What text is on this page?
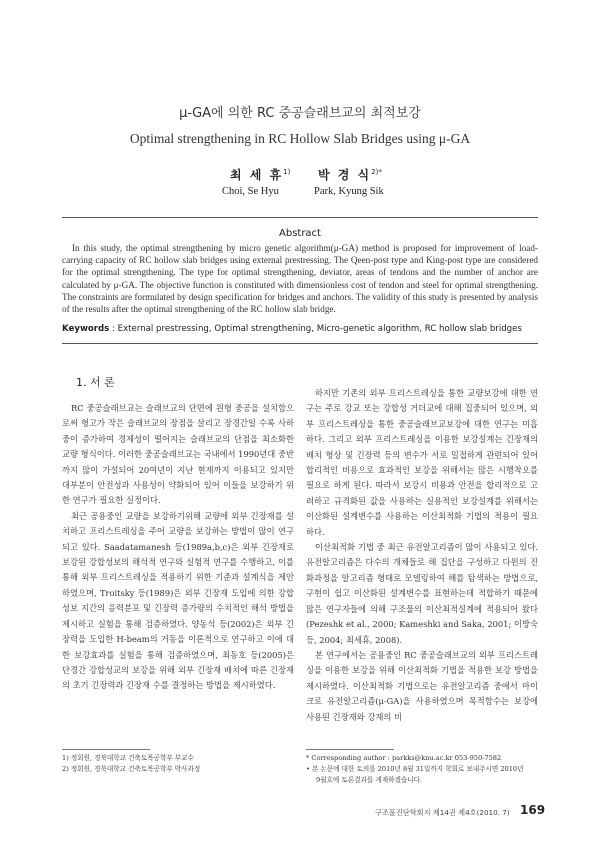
μ-GA에 의한 RC 중공슬래브교의 최적보강
Optimal strengthening in RC Hollow Slab Bridges using μ-GA
최 세 휴$^{1)}$
Choi, Se Hyu
박 경 식$^{2)*}$
Park, Kyung Sik
Abstract
In this study, the optimal strengthening by micro genetic algorithm(μ-GA) method is proposed for improvement of load-carrying capacity of RC hollow slab bridges using external prestressing. The Qeen-post type and King-post type are considered for the optimal strengthening. The type for optimal strengthening, deviator, areas of tendons and the number of anchor are calculated by μ-GA. The objective function is constituted with dimensionless cost of tendon and steel for optimal strengthening. The constraints are formulated by design specification for bridges and anchors. The validity of this study is presented by analysis of the results after the optimal strengthening of the RC hollow slab bridge.
Keywords : External prestressing, Optimal strengthening, Micro-genetic algorithm, RC hollow slab bridges
1. 서 론

RC 중공슬래브교는 슬래브교의 단면에 원형 중공을 설치함으로써 형고가 작은 슬래브교의 장점을 살리고 장경간일 수록 사하중이 증가하여 경제성이 떨어지는 슬래브교의 단점을 최소화한 교량 형식이다. 이러한 중공슬래브교는 국내에서 1990년대 중반까지 많이 가설되어 20여년이 지난 현재까지 이용되고 있지만 대부분이 안전성과 사용성이 약화되어 있어 이들을 보강하기 위한 연구가 필요한 실정이다.

최근 공용중인 교량을 보강하기위해 교량에 외부 긴장재를 설치하고 프리스트레싱을 주어 교량을 보강하는 방법이 많이 연구되고 있다. Saadatamanesh 등(1989a,b,c)은 외부 긴장재로 보강된 강합성보의 해석적 연구와 실험적 연구를 수행하고, 이를 통해 외부 프리스트레싱을 적용하기 위한 기준과 설계식을 제안하였으며, Troitsky 등(1989)은 외부 긴장재 도입에 의한 강합성보 지간의 응력분포 및 긴장력 증가량의 수치적인 해석 방법을 제시하고 실험을 통해 검증하였다. 양동석 등(2002)은 외부 긴장력을 도입한 H-beam의 거동을 이론적으로 연구하고 이에 대한 보강효과를 실험을 통해 검증하였으며, 최동호 등(2005)은 단경간 강합성교의 보강을 위해 외부 긴장재 배치에 따른 긴장재의 초기 긴장력과 긴장재 수를 결정하는 방법을 제시하였다.

하지만 기존의 외부 프리스트레싱을 통한 교량보강에 대한 연구는 주로 강교 또는 강합성 거더교에 대해 집중되어 있으며, 외부 프리스트레싱을 통한 중공슬래브교보강에 대한 연구는 미흡하다. 그리고 외부 프리스트레싱을 이용한 보강설계는 긴장재의 배치 형상 및 긴장력 등의 변수가 서로 밀접하게 관련되어 있어 합리적인 비용으로 효과적인 보강을 위해서는 많은 시행착오를 필요로 하게 된다. 따라서 보강시 비용과 안전을 합리적으로 고려하고 규격화된 값을 사용하는 실용적인 보강설계를 위해서는 이산화된 설계변수를 사용하는 이산최적화 기법의 적용이 필요하다.

이산최적화 기법 중 최근 유전알고리즘이 많이 사용되고 있다. 유전알고리즘은 다수의 개체들로 해 집단을 구성하고 다윈의 진화과정을 알고리즘 형태로 모델링하여 해를 탐색하는 방법으로, 구현이 쉽고 이산화된 설계변수를 표현하는데 적합하기 때문에 많은 연구자들에 의해 구조물의 이산최적설계에 적용되어 왔다(Pezeshk et al., 2000; Kameshki and Saka, 2001; 이방숙 등, 2004; 최세휴, 2008).

본 연구에서는 공용중인 RC 중공슬래브교의 외부 프리스트레싱을 이용한 보강을 위해 이산최적화 기법을 적용한 보강 방법을 제시하였다. 이산최적화 기법으로는 유전알고리즘 중에서 마이크로 유전알고리즘(μ-GA)을 사용하였으며 목적함수는 보강에 사용된 긴장재와 강재의 비

1) 정회원, 경북대학교 건축토목공학부 부교수
2) 정회원, 경북대학교 건축토목공학부 박사과정
* Corresponding author : parkks@knu.ac.kr 053-950-7582
• 본 논문에 대한 토의를 2010년 8월 31일까지 학회로 보내주시면 2010년
9월호에 토론결과를 게재하겠습니다.
구조물진단학회지 제14권 제4호(2010. 7) 169
